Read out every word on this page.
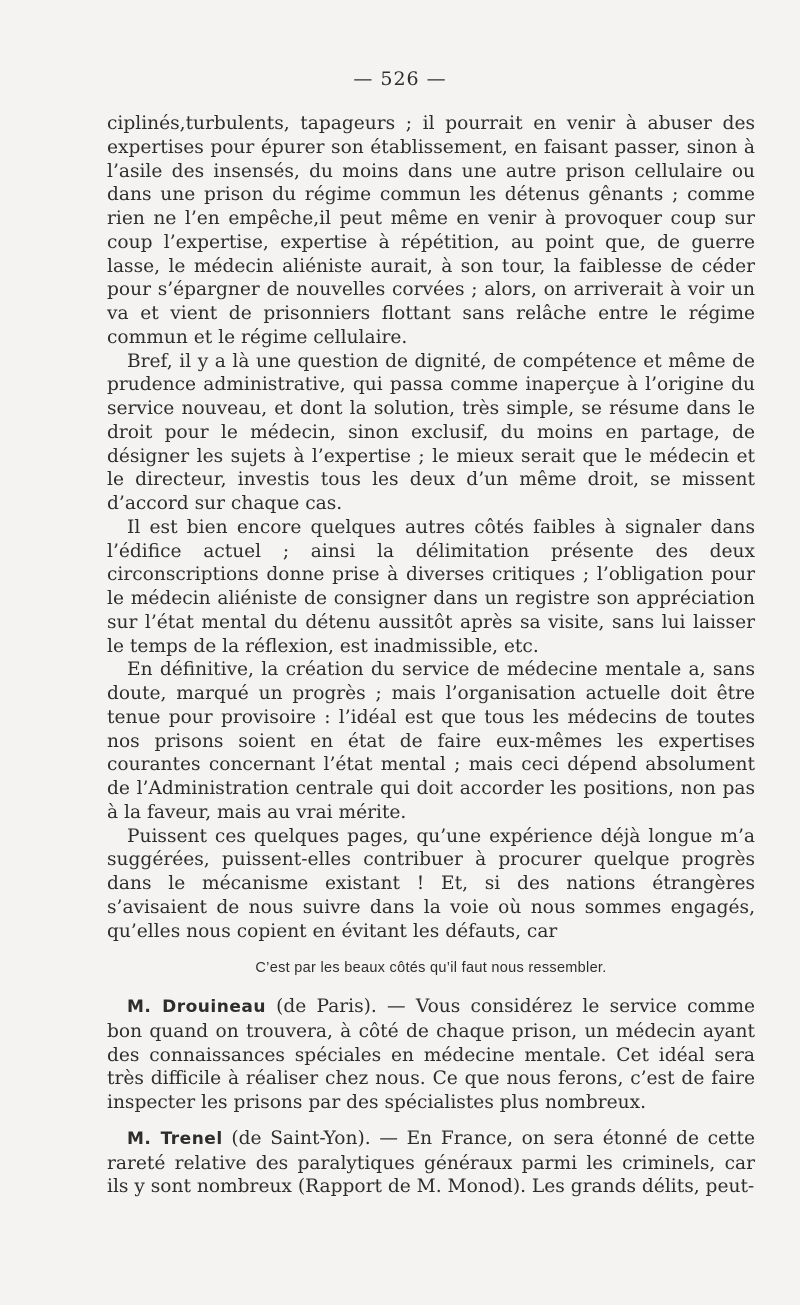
— 526 —

ciplinés,turbulents, tapageurs ; il pourrait en venir à abuser des expertises pour épurer son établissement, en faisant passer, sinon à l’asile des insensés, du moins dans une autre prison cellulaire ou dans une prison du régime commun les détenus gênants ; comme rien ne l’en empêche,il peut même en venir à provoquer coup sur coup l’expertise, expertise à répétition, au point que, de guerre lasse, le médecin aliéniste aurait, à son tour, la faiblesse de céder pour s’épargner de nouvelles corvées ; alors, on arriverait à voir un va et vient de prisonniers flottant sans relâche entre le régime commun et le régime cellulaire.

Bref, il y a là une question de dignité, de compétence et même de prudence administrative, qui passa comme inaperçue à l’origine du service nouveau, et dont la solution, très simple, se résume dans le droit pour le médecin, sinon exclusif, du moins en partage, de désigner les sujets à l’expertise ; le mieux serait que le médecin et le directeur, investis tous les deux d’un même droit, se missent d’accord sur chaque cas.

Il est bien encore quelques autres côtés faibles à signaler dans l’édifice actuel ; ainsi la délimitation présente des deux circonscriptions donne prise à diverses critiques ; l’obligation pour le médecin aliéniste de consigner dans un registre son appréciation sur l’état mental du détenu aussitôt après sa visite, sans lui laisser le temps de la réflexion, est inadmissible, etc.

En définitive, la création du service de médecine mentale a, sans doute, marqué un progrès ; mais l’organisation actuelle doit être tenue pour provisoire : l’idéal est que tous les médecins de toutes nos prisons soient en état de faire eux-mêmes les expertises courantes concernant l’état mental ; mais ceci dépend absolument de l’Administration centrale qui doit accorder les positions, non pas à la faveur, mais au vrai mérite.

Puissent ces quelques pages, qu’une expérience déjà longue m’a suggérées, puissent-elles contribuer à procurer quelque progrès dans le mécanisme existant ! Et, si des nations étrangères s’avisaient de nous suivre dans la voie où nous sommes engagés, qu’elles nous copient en évitant les défauts, car

C’est par les beaux côtés qu’il faut nous ressembler.

M. Drouineau (de Paris). — Vous considérez le service comme bon quand on trouvera, à côté de chaque prison, un médecin ayant des connaissances spéciales en médecine mentale. Cet idéal sera très difficile à réaliser chez nous. Ce que nous ferons, c’est de faire inspecter les prisons par des spécialistes plus nombreux.

M. Trenel (de Saint-Yon). — En France, on sera étonné de cette rareté relative des paralytiques généraux parmi les criminels, car ils y sont nombreux (Rapport de M. Monod). Les grands délits, peut-
